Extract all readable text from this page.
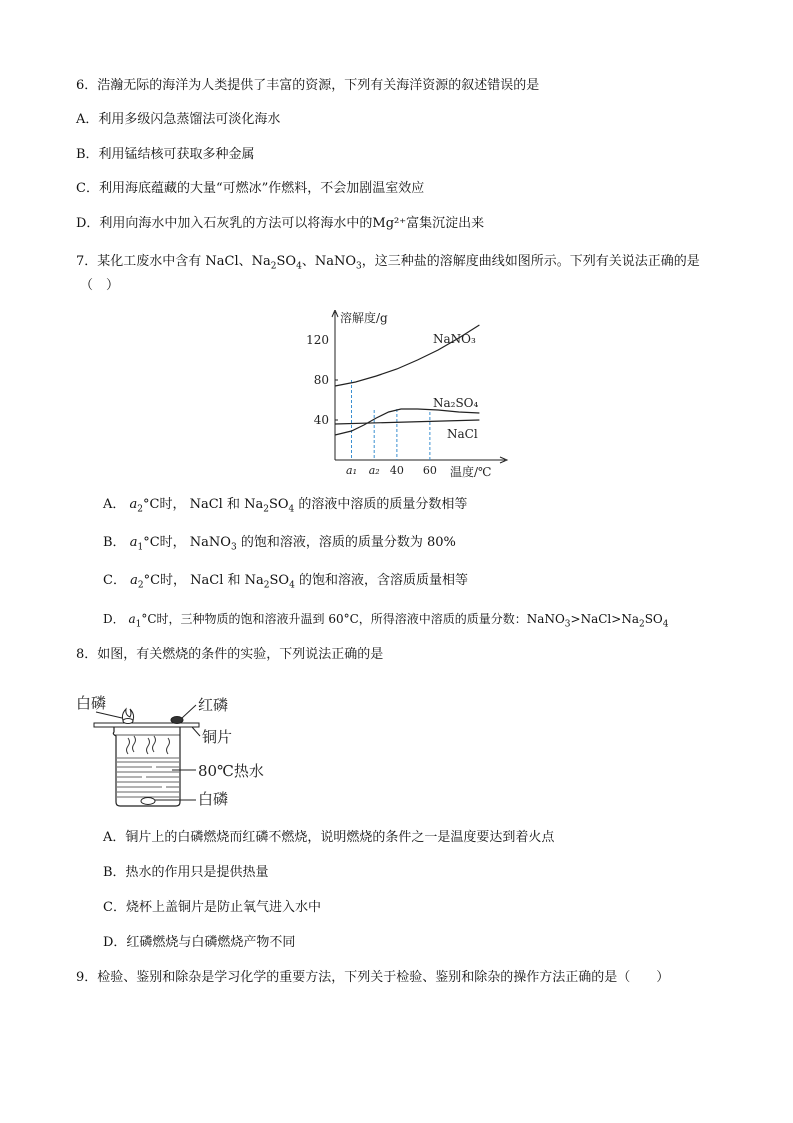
6．浩瀚无际的海洋为人类提供了丰富的资源，下列有关海洋资源的叙述错误的是
A．利用多级闪急蒸馏法可淡化海水
B．利用锰结核可获取多种金属
C．利用海底蕴藏的大量“可燃冰”作燃料，不会加剧温室效应
D．利用向海水中加入石灰乳的方法可以将海水中的Mg²⁺富集沉淀出来
7．某化工废水中含有 NaCl、$Na_2SO_4$、NaNO$_3$，这三种盐的溶解度曲线如图所示。下列有关说法正确的是
（　）
溶解度/g
温度/℃
120
80
40
a₁ a₂ 40 60
NaNO₃
Na₂SO₄
NaCl
A． $a_2^\circ C$时， NaCl 和 $Na_2SO_4$ 的溶液中溶质的质量分数相等
B． $a_1^\circ C$时， NaNO$_3$ 的饱和溶液，溶质的质量分数为 80%
C． $a_2^\circ C$时， NaCl 和 $Na_2SO_4$ 的饱和溶液，含溶质质量相等
D． $a_1^\circ C$时，三种物质的饱和溶液升温到 60°C，所得溶液中溶质的质量分数：$NaNO_3>NaCl>Na_2SO_4$
8．如图，有关燃烧的条件的实验，下列说法正确的是
白磷	红磷
铜片
80℃热水
白磷
A．铜片上的白磷燃烧而红磷不燃烧，说明燃烧的条件之一是温度要达到着火点
B．热水的作用只是提供热量
C．烧杯上盖铜片是防止氧气进入水中
D．红磷燃烧与白磷燃烧产物不同
9．检验、鉴别和除杂是学习化学的重要方法，下列关于检验、鉴别和除杂的操作方法正确的是（　　）
